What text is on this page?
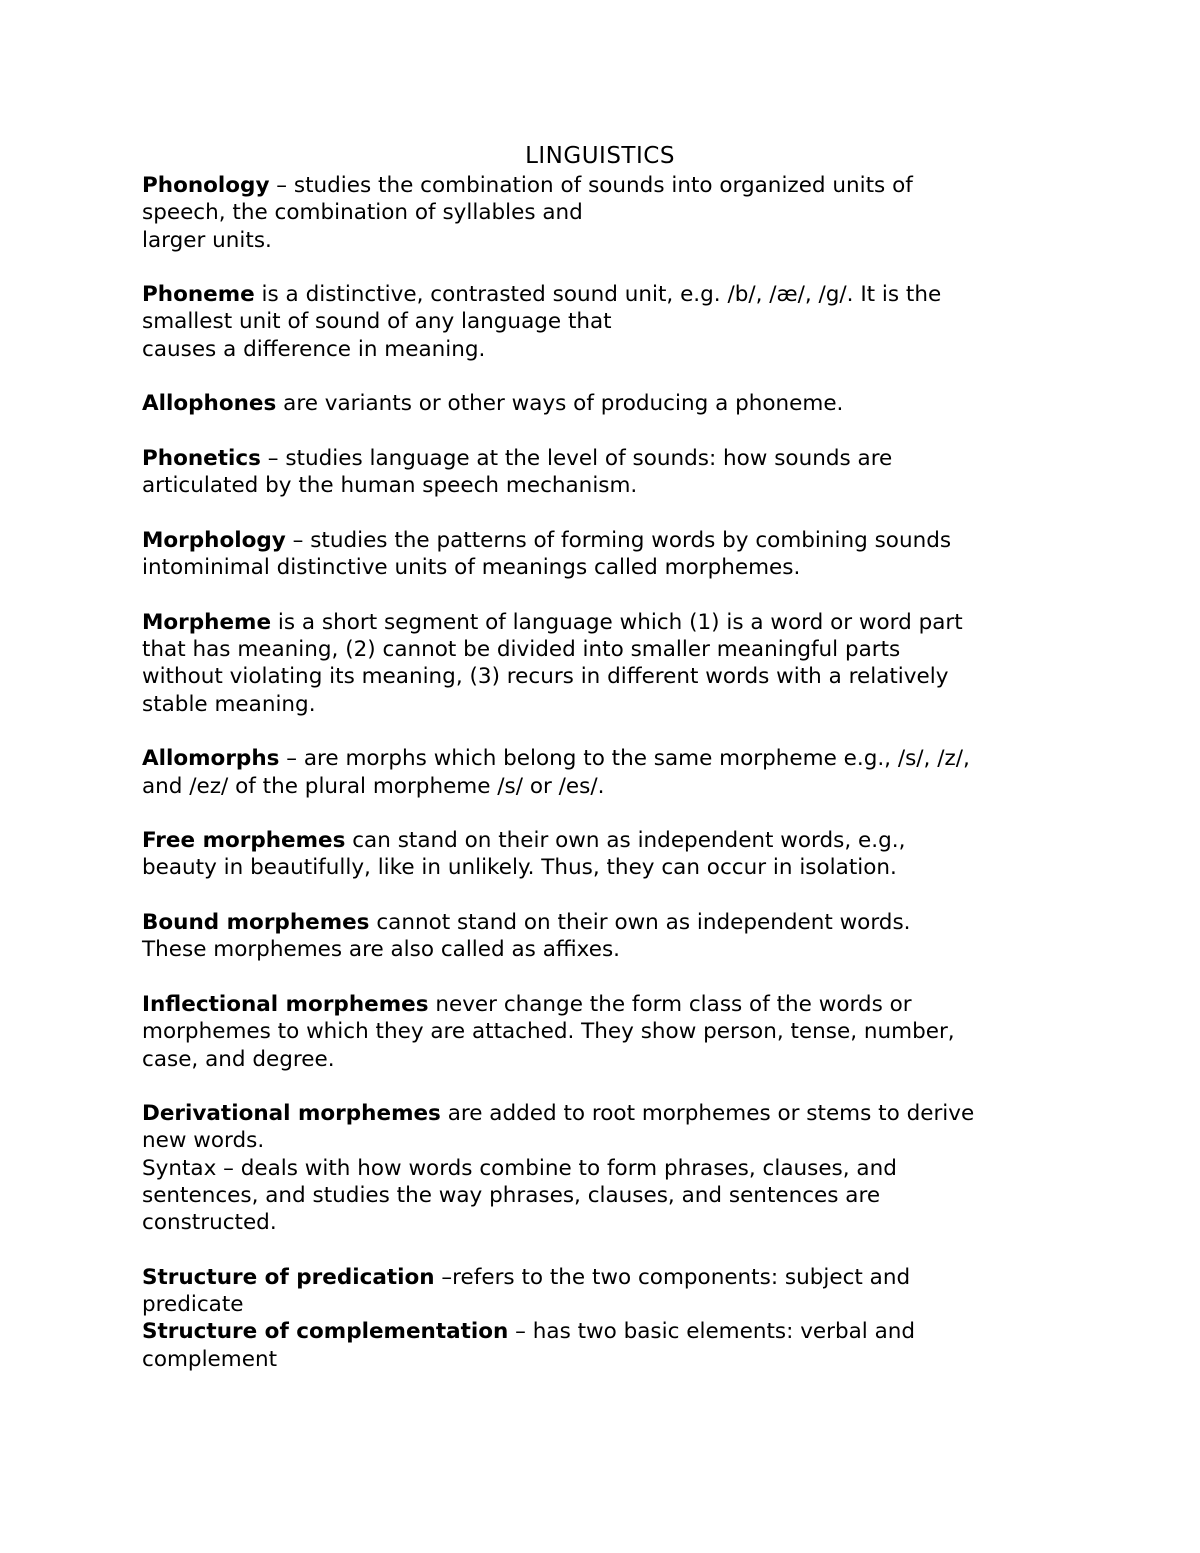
LINGUISTICS
Phonology – studies the combination of sounds into organized units of
speech, the combination of syllables and
larger units.
Phoneme is a distinctive, contrasted sound unit, e.g. /b/, /æ/, /g/. It is the
smallest unit of sound of any language that
causes a difference in meaning.
Allophones are variants or other ways of producing a phoneme.
Phonetics – studies language at the level of sounds: how sounds are
articulated by the human speech mechanism.
Morphology – studies the patterns of forming words by combining sounds
intominimal distinctive units of meanings called morphemes.
Morpheme is a short segment of language which (1) is a word or word part
that has meaning, (2) cannot be divided into smaller meaningful parts
without violating its meaning, (3) recurs in different words with a relatively
stable meaning.
Allomorphs – are morphs which belong to the same morpheme e.g., /s/, /z/,
and /ez/ of the plural morpheme /s/ or /es/.
Free morphemes can stand on their own as independent words, e.g.,
beauty in beautifully, like in unlikely. Thus, they can occur in isolation.
Bound morphemes cannot stand on their own as independent words.
These morphemes are also called as affixes.
Inflectional morphemes never change the form class of the words or
morphemes to which they are attached. They show person, tense, number,
case, and degree.
Derivational morphemes are added to root morphemes or stems to derive
new words.
Syntax – deals with how words combine to form phrases, clauses, and
sentences, and studies the way phrases, clauses, and sentences are
constructed.
Structure of predication –refers to the two components: subject and
predicate
Structure of complementation – has two basic elements: verbal and
complement
